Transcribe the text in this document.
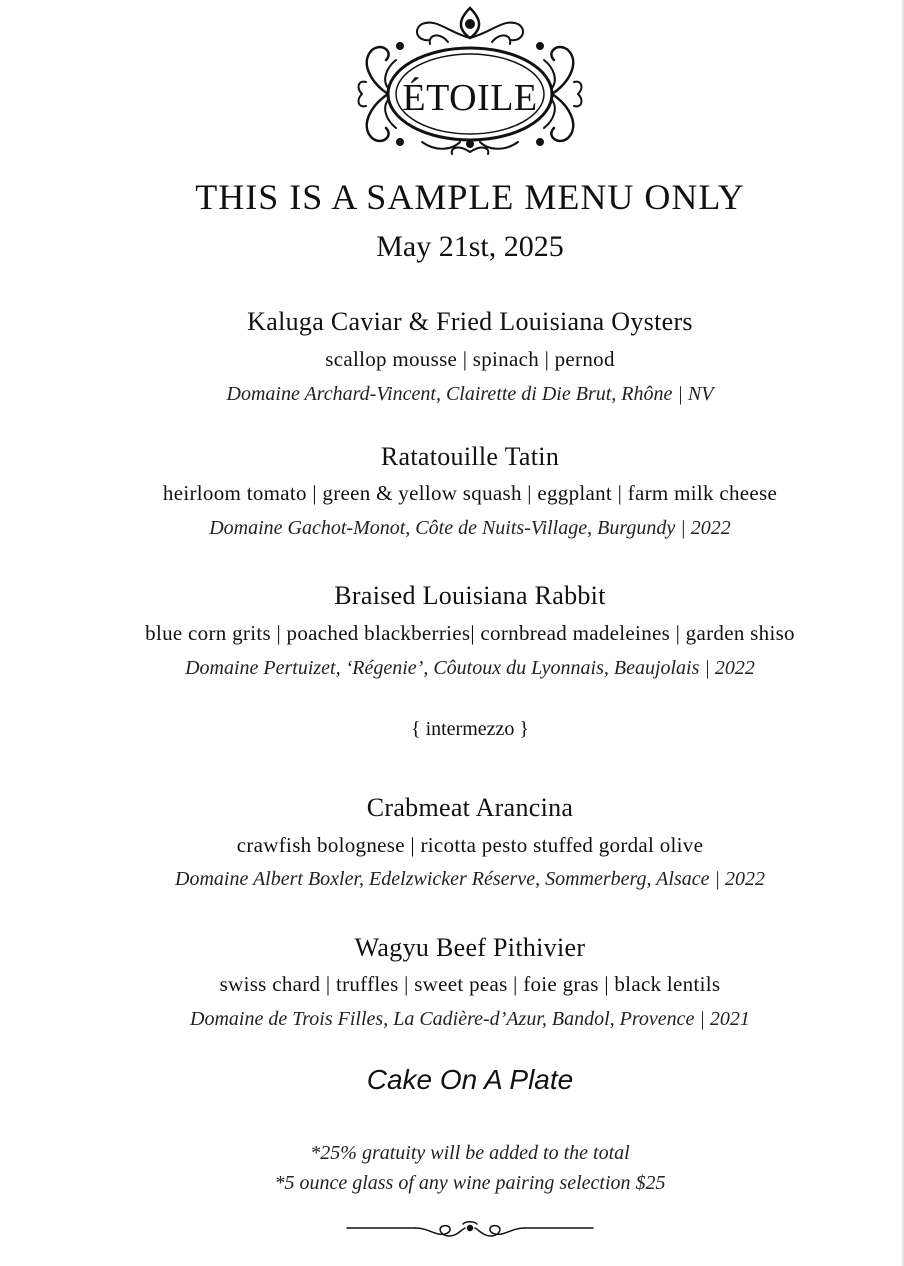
ÉTOILE
THIS IS A SAMPLE MENU ONLY
May 21st, 2025
Kaluga Caviar & Fried Louisiana Oysters
scallop mousse | spinach | pernod
Domaine Archard-Vincent, Clairette di Die Brut, Rhône | NV
Ratatouille Tatin
heirloom tomato | green & yellow squash | eggplant | farm milk cheese
Domaine Gachot-Monot, Côte de Nuits-Village, Burgundy | 2022
Braised Louisiana Rabbit
blue corn grits | poached blackberries| cornbread madeleines | garden shiso
Domaine Pertuizet, ‘Régenie’, Côutoux du Lyonnais, Beaujolais | 2022
{ intermezzo }
Crabmeat Arancina
crawfish bolognese | ricotta pesto stuffed gordal olive
Domaine Albert Boxler, Edelzwicker Réserve, Sommerberg, Alsace | 2022
Wagyu Beef Pithivier
swiss chard | truffles | sweet peas | foie gras | black lentils
Domaine de Trois Filles, La Cadière-d’Azur, Bandol, Provence | 2021
Cake On A Plate
*25% gratuity will be added to the total
*5 ounce glass of any wine pairing selection $25
